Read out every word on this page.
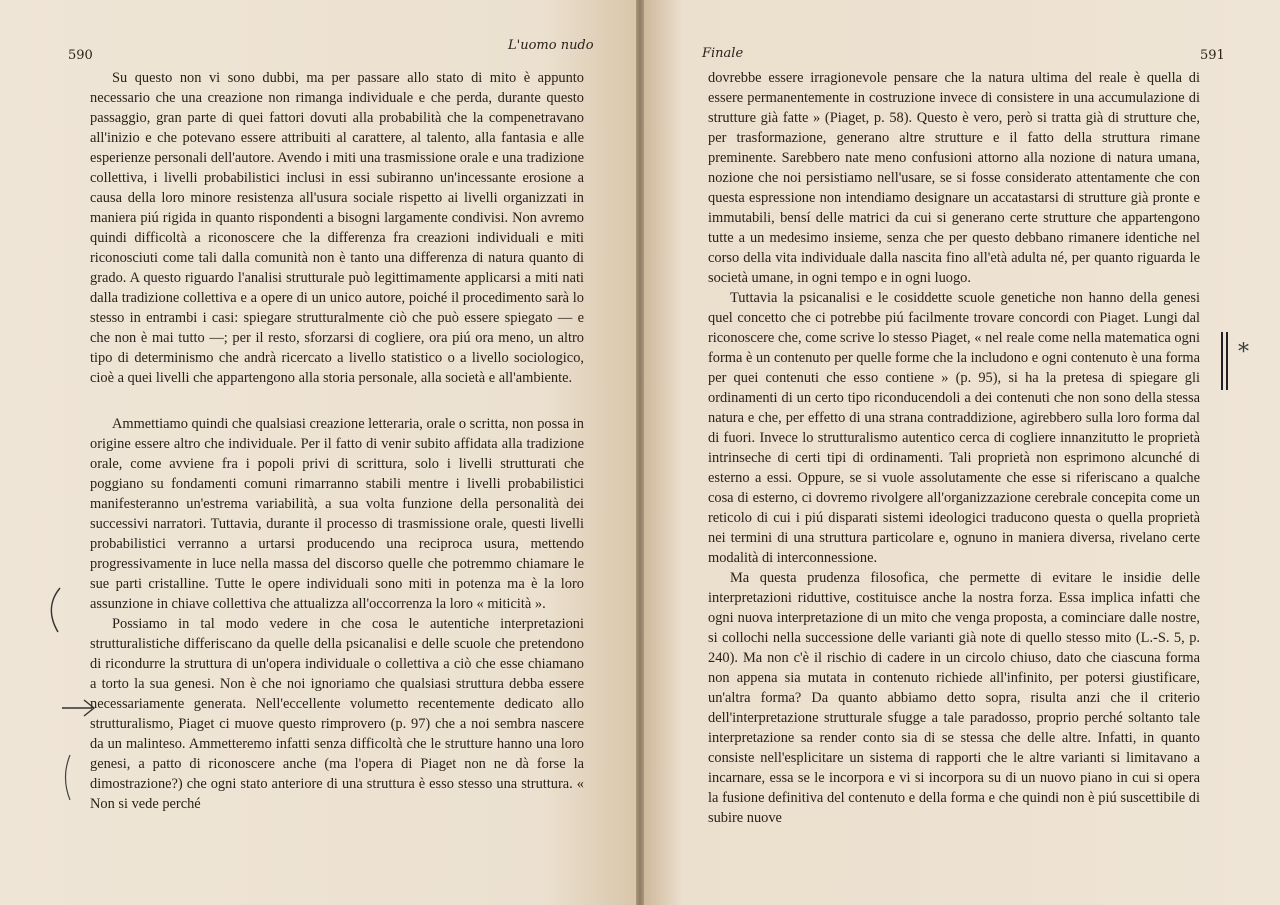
590
L'uomo nudo

Su questo non vi sono dubbi, ma per passare allo stato di mito è appunto necessario che una creazione non rimanga individuale e che perda, durante questo passaggio, gran parte di quei fattori dovuti alla probabilità che la compenetravano all'inizio e che potevano essere attribuiti al carattere, al talento, alla fantasia e alle esperienze personali dell'autore. Avendo i miti una trasmissione orale e una tradizione collettiva, i livelli probabilistici inclusi in essi subiranno un'incessante erosione a causa della loro minore resistenza all'usura sociale rispetto ai livelli organizzati in maniera piú rigida in quanto rispondenti a bisogni largamente condivisi. Non avremo quindi difficoltà a riconoscere che la differenza fra creazioni individuali e miti riconosciuti come tali dalla comunità non è tanto una differenza di natura quanto di grado. A questo riguardo l'analisi strutturale può legittimamente applicarsi a miti nati dalla tradizione collettiva e a opere di un unico autore, poiché il procedimento sarà lo stesso in entrambi i casi: spiegare strutturalmente ciò che può essere spiegato — e che non è mai tutto —; per il resto, sforzarsi di cogliere, ora piú ora meno, un altro tipo di determinismo che andrà ricercato a livello statistico o a livello sociologico, cioè a quei livelli che appartengono alla storia personale, alla società e all'ambiente.

Ammettiamo quindi che qualsiasi creazione letteraria, orale o scritta, non possa in origine essere altro che individuale. Per il fatto di venir subito affidata alla tradizione orale, come avviene fra i popoli privi di scrittura, solo i livelli strutturati che poggiano su fondamenti comuni rimarranno stabili mentre i livelli probabilistici manifesteranno un'estrema variabilità, a sua volta funzione della personalità dei successivi narratori. Tuttavia, durante il processo di trasmissione orale, questi livelli probabilistici verranno a urtarsi producendo una reciproca usura, mettendo progressivamente in luce nella massa del discorso quelle che potremmo chiamare le sue parti cristalline. Tutte le opere individuali sono miti in potenza ma è la loro assunzione in chiave collettiva che attualizza all'occorrenza la loro « miticità ».

Possiamo in tal modo vedere in che cosa le autentiche interpretazioni strutturalistiche differiscano da quelle della psicanalisi e delle scuole che pretendono di ricondurre la struttura di un'opera individuale o collettiva a ciò che esse chiamano a torto la sua genesi. Non è che noi ignoriamo che qualsiasi struttura debba essere necessariamente generata. Nell'eccellente volumetto recentemente dedicato allo strutturalismo, Piaget ci muove questo rimprovero (p. 97) che a noi sembra nascere da un malinteso. Ammetteremo infatti senza difficoltà che le strutture hanno una loro genesi, a patto di riconoscere anche (ma l'opera di Piaget non ne dà forse la dimostrazione?) che ogni stato anteriore di una struttura è esso stesso una struttura. « Non si vede perché

Finale	591

dovrebbe essere irragionevole pensare che la natura ultima del reale è quella di essere permanentemente in costruzione invece di consistere in una accumulazione di strutture già fatte » (Piaget, p. 58). Questo è vero, però si tratta già di strutture che, per trasformazione, generano altre strutture e il fatto della struttura rimane preminente. Sarebbero nate meno confusioni attorno alla nozione di natura umana, nozione che noi persistiamo nell'usare, se si fosse considerato attentamente che con questa espressione non intendiamo designare un accatastarsi di strutture già pronte e immutabili, bensí delle matrici da cui si generano certe strutture che appartengono tutte a un medesimo insieme, senza che per questo debbano rimanere identiche nel corso della vita individuale dalla nascita fino all'età adulta né, per quanto riguarda le società umane, in ogni tempo e in ogni luogo.

Tuttavia la psicanalisi e le cosiddette scuole genetiche non hanno della genesi quel concetto che ci potrebbe piú facilmente trovare concordi con Piaget. Lungi dal riconoscere che, come scrive lo stesso Piaget, « nel reale come nella matematica ogni forma è un contenuto per quelle forme che la includono e ogni contenuto è una forma per quei contenuti che esso contiene » (p. 95), si ha la pretesa di spiegare gli ordinamenti di un certo tipo riconducendoli a dei contenuti che non sono della stessa natura e che, per effetto di una strana contraddizione, agirebbero sulla loro forma dal di fuori. Invece lo strutturalismo autentico cerca di cogliere innanzitutto le proprietà intrinseche di certi tipi di ordinamenti. Tali proprietà non esprimono alcunché di esterno a essi. Oppure, se si vuole assolutamente che esse si riferiscano a qualche cosa di esterno, ci dovremo rivolgere all'organizzazione cerebrale concepita come un reticolo di cui i piú disparati sistemi ideologici traducono questa o quella proprietà nei termini di una struttura particolare e, ognuno in maniera diversa, rivelano certe modalità di interconnessione.

Ma questa prudenza filosofica, che permette di evitare le insidie delle interpretazioni riduttive, costituisce anche la nostra forza. Essa implica infatti che ogni nuova interpretazione di un mito che venga proposta, a cominciare dalle nostre, si collochi nella successione delle varianti già note di quello stesso mito (L.-S. 5, p. 240). Ma non c'è il rischio di cadere in un circolo chiuso, dato che ciascuna forma non appena sia mutata in contenuto richiede all'infinito, per potersi giustificare, un'altra forma? Da quanto abbiamo detto sopra, risulta anzi che il criterio dell'interpretazione strutturale sfugge a tale paradosso, proprio perché soltanto tale interpretazione sa render conto sia di se stessa che delle altre. Infatti, in quanto consiste nell'esplicitare un sistema di rapporti che le altre varianti si limitavano a incarnare, essa se le incorpora e vi si incorpora su di un nuovo piano in cui si opera la fusione definitiva del contenuto e della forma e che quindi non è piú suscettibile di subire nuove

*
